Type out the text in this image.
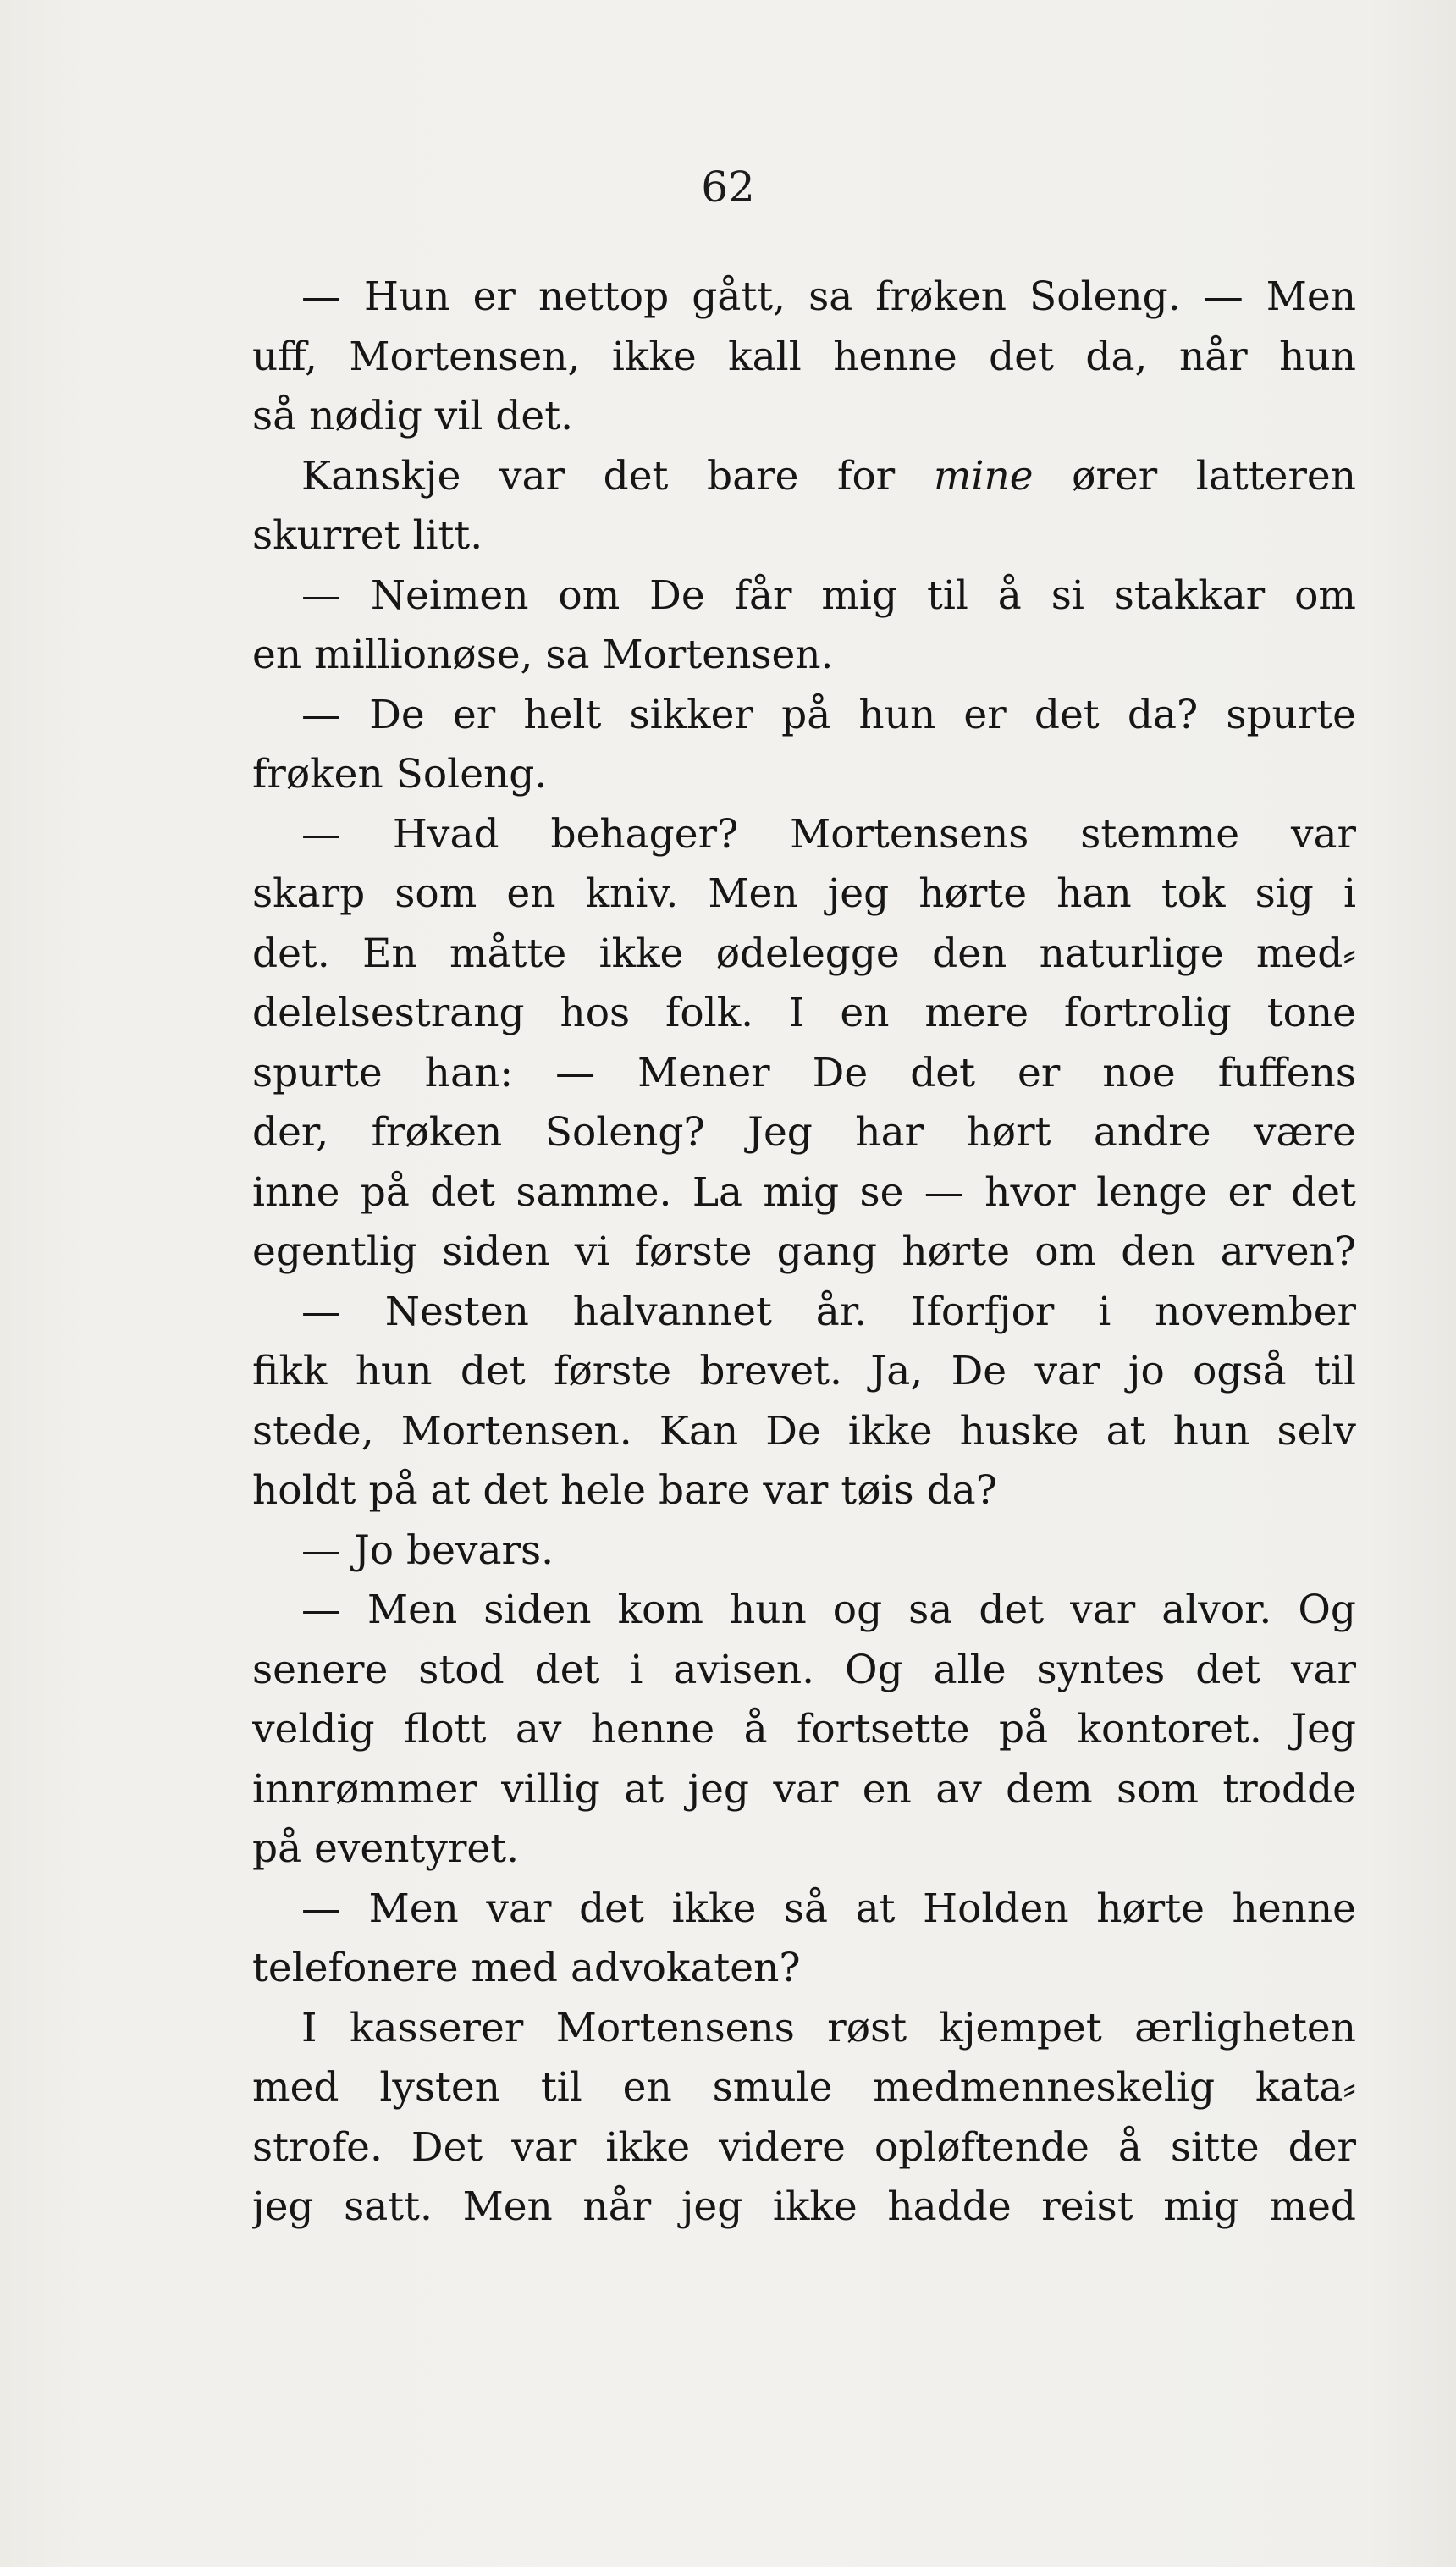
62
— Hun er nettop gått, sa frøken Soleng. — Men
uff, Mortensen, ikke kall henne det da, når hun
så nødig vil det.
Kanskje var det bare for mine ører latteren
skurret litt.
— Neimen om De får mig til å si stakkar om
en millionøse, sa Mortensen.
— De er helt sikker på hun er det da? spurte
frøken Soleng.
— Hvad behager? Mortensens stemme var
skarp som en kniv. Men jeg hørte han tok sig i
det. En måtte ikke ødelegge den naturlige med⸗
delelsestrang hos folk. I en mere fortrolig tone
spurte han: — Mener De det er noe fuffens
der, frøken Soleng? Jeg har hørt andre være
inne på det samme. La mig se — hvor lenge er det
egentlig siden vi første gang hørte om den arven?
— Nesten halvannet år. Iforfjor i november
fikk hun det første brevet. Ja, De var jo også til
stede, Mortensen. Kan De ikke huske at hun selv
holdt på at det hele bare var tøis da?
— Jo bevars.
— Men siden kom hun og sa det var alvor. Og
senere stod det i avisen. Og alle syntes det var
veldig flott av henne å fortsette på kontoret. Jeg
innrømmer villig at jeg var en av dem som trodde
på eventyret.
— Men var det ikke så at Holden hørte henne
telefonere med advokaten?
I kasserer Mortensens røst kjempet ærligheten
med lysten til en smule medmenneskelig kata⸗
strofe. Det var ikke videre opløftende å sitte der
jeg satt. Men når jeg ikke hadde reist mig med
